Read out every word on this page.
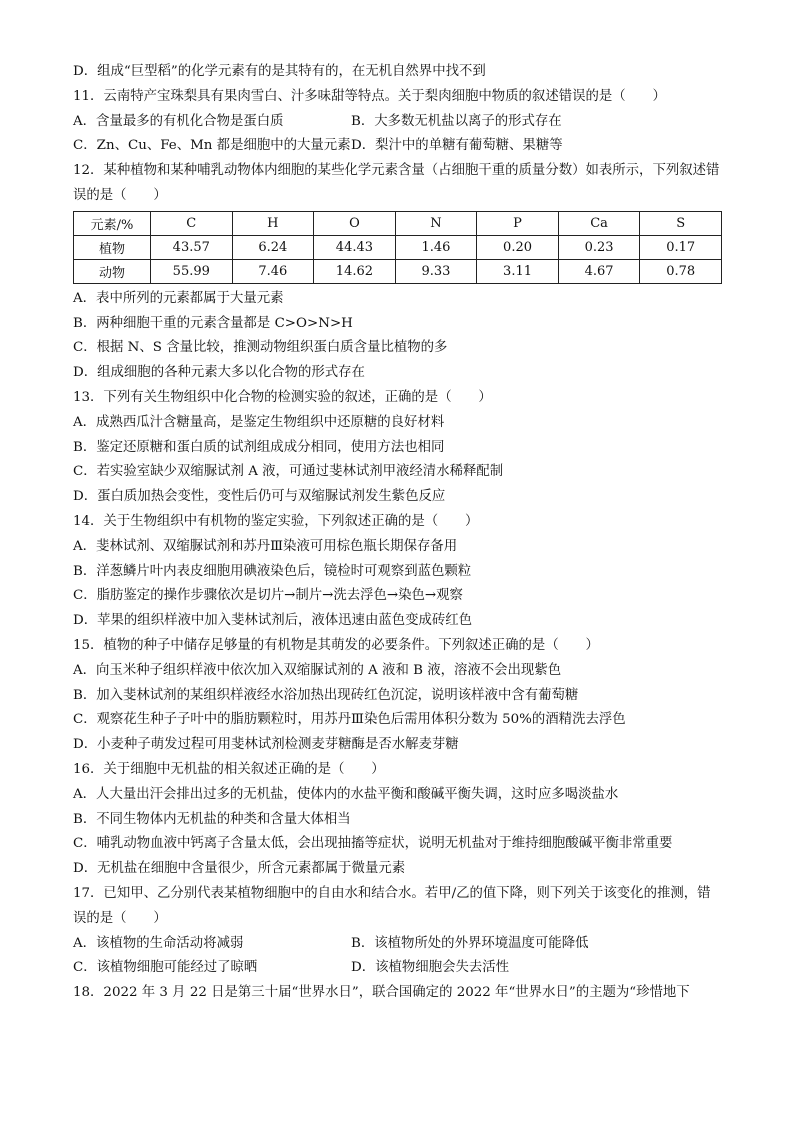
D．组成“巨型稻”的化学元素有的是其特有的，在无机自然界中找不到
11．云南特产宝珠梨具有果肉雪白、汁多味甜等特点。关于梨肉细胞中物质的叙述错误的是（　　）
A．含量最多的有机化合物是蛋白质	B．大多数无机盐以离子的形式存在
C．Zn、Cu、Fe、Mn 都是细胞中的大量元素 D．梨汁中的单糖有葡萄糖、果糖等
12．某种植物和某种哺乳动物体内细胞的某些化学元素含量（占细胞干重的质量分数）如表所示，下列叙述错误的是（　　）
元素/%	C	H	O	N	P	Ca	S
植物	43.57	6.24	44.43	1.46	0.20	0.23	0.17
动物	55.99	7.46	14.62	9.33	3.11	4.67	0.78
A．表中所列的元素都属于大量元素
B．两种细胞干重的元素含量都是 C>O>N>H
C．根据 N、S 含量比较，推测动物组织蛋白质含量比植物的多
D．组成细胞的各种元素大多以化合物的形式存在
13．下列有关生物组织中化合物的检测实验的叙述，正确的是（　　）
A．成熟西瓜汁含糖量高，是鉴定生物组织中还原糖的良好材料
B．鉴定还原糖和蛋白质的试剂组成成分相同，使用方法也相同
C．若实验室缺少双缩脲试剂 A 液，可通过斐林试剂甲液经清水稀释配制
D．蛋白质加热会变性，变性后仍可与双缩脲试剂发生紫色反应
14．关于生物组织中有机物的鉴定实验，下列叙述正确的是（　　）
A．斐林试剂、双缩脲试剂和苏丹Ⅲ染液可用棕色瓶长期保存备用
B．洋葱鳞片叶内表皮细胞用碘液染色后，镜检时可观察到蓝色颗粒
C．脂肪鉴定的操作步骤依次是切片→制片→洗去浮色→染色→观察
D．苹果的组织样液中加入斐林试剂后，液体迅速由蓝色变成砖红色
15．植物的种子中储存足够量的有机物是其萌发的必要条件。下列叙述正确的是（　　）
A．向玉米种子组织样液中依次加入双缩脲试剂的 A 液和 B 液，溶液不会出现紫色
B．加入斐林试剂的某组织样液经水浴加热出现砖红色沉淀，说明该样液中含有葡萄糖
C．观察花生种子子叶中的脂肪颗粒时，用苏丹Ⅲ染色后需用体积分数为 50%的酒精洗去浮色
D．小麦种子萌发过程可用斐林试剂检测麦芽糖酶是否水解麦芽糖
16．关于细胞中无机盐的相关叙述正确的是（　　）
A．人大量出汗会排出过多的无机盐，使体内的水盐平衡和酸碱平衡失调，这时应多喝淡盐水
B．不同生物体内无机盐的种类和含量大体相当
C．哺乳动物血液中钙离子含量太低，会出现抽搐等症状，说明无机盐对于维持细胞酸碱平衡非常重要
D．无机盐在细胞中含量很少，所含元素都属于微量元素
17．已知甲、乙分别代表某植物细胞中的自由水和结合水。若甲/乙的值下降，则下列关于该变化的推测，错误的是（　　）
A．该植物的生命活动将减弱	B．该植物所处的外界环境温度可能降低
C．该植物细胞可能经过了晾晒	D．该植物细胞会失去活性
18．2022 年 3 月 22 日是第三十届“世界水日”，联合国确定的 2022 年“世界水日”的主题为“珍惜地下
